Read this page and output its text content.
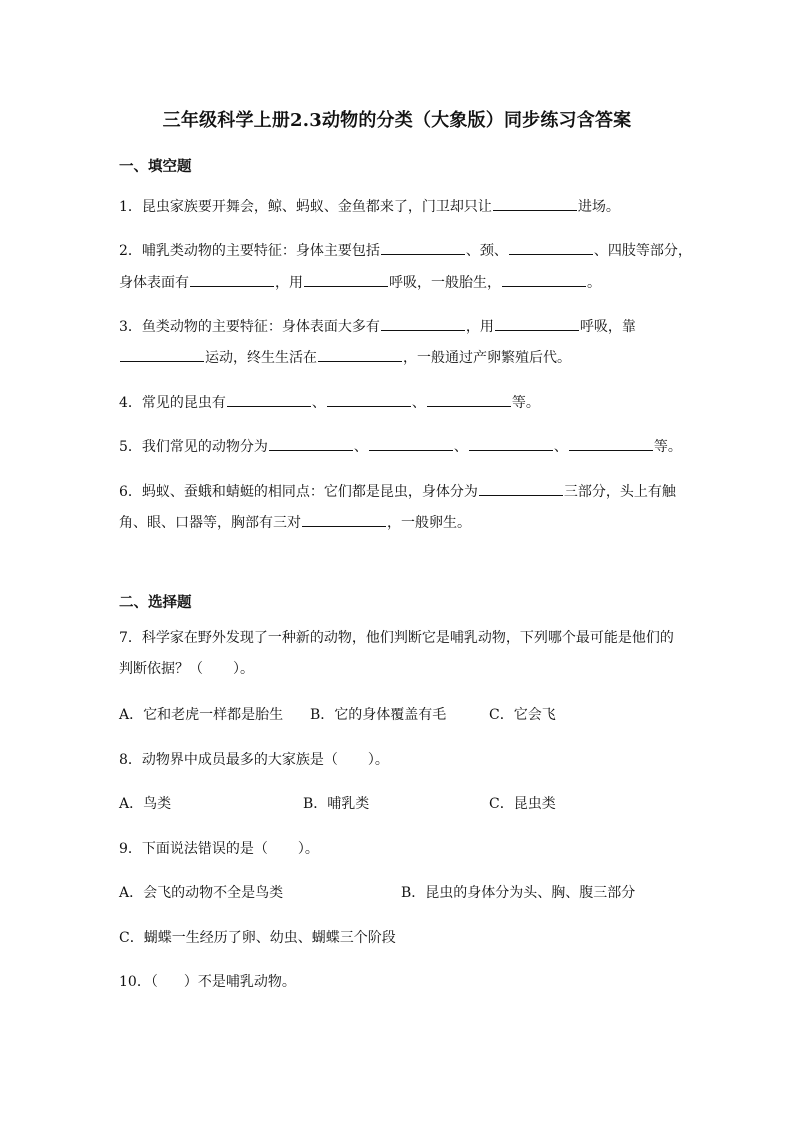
三年级科学上册2.3动物的分类（大象版）同步练习含答案
一、填空题
1．昆虫家族要开舞会，鲸、蚂蚁、金鱼都来了，门卫却只让	进场。
2．哺乳类动物的主要特征：身体主要包括	、颈、	、四肢等部分，
身体表面有	，用	呼吸，一般胎生，	。
3．鱼类动物的主要特征：身体表面大多有	，用	呼吸，靠
运动，终生生活在	，一般通过产卵繁殖后代。
4．常见的昆虫有	、	、	等。
5．我们常见的动物分为	、	、	、	等。
6．蚂蚁、蚕蛾和蜻蜓的相同点：它们都是昆虫，身体分为	三部分，头上有触
角、眼、口器等，胸部有三对	，一般卵生。
二、选择题
7．科学家在野外发现了一种新的动物，他们判断它是哺乳动物，下列哪个最可能是他们的
判断依据？（ ）。
A．它和老虎一样都是胎生 B．它的身体覆盖有毛	C．它会飞
8．动物界中成员最多的大家族是（ ）。
A．鸟类	B．哺乳类	C．昆虫类
9．下面说法错误的是（ ）。
A．会飞的动物不全是鸟类	B．昆虫的身体分为头、胸、腹三部分
C．蝴蝶一生经历了卵、幼虫、蝴蝶三个阶段
10．（ ）不是哺乳动物。
